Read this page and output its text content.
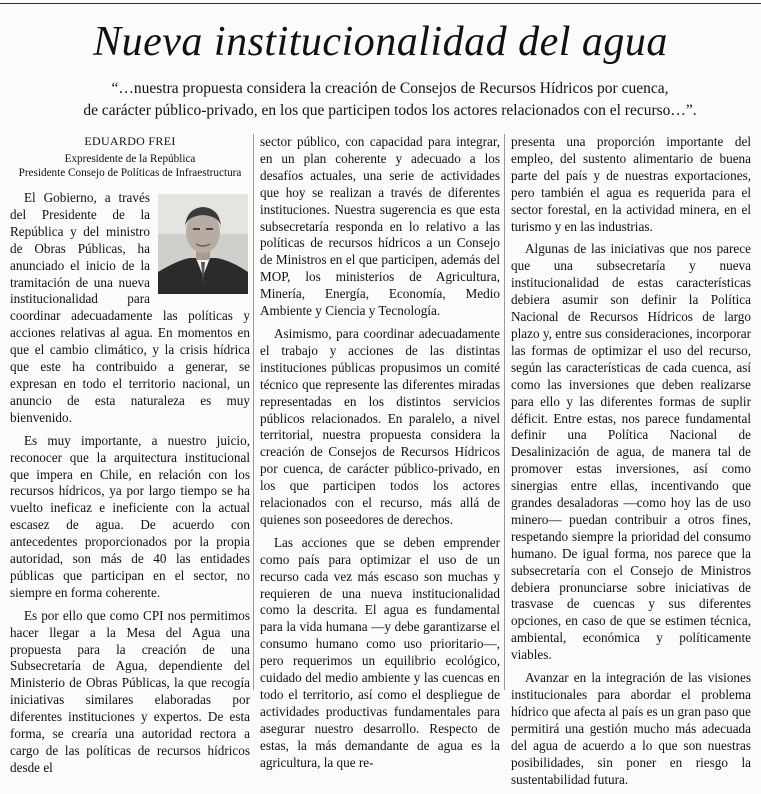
Nueva institucionalidad del agua
“…nuestra propuesta considera la creación de Consejos de Recursos Hídricos por cuenca,
de carácter público-privado, en los que participen todos los actores relacionados con el recurso…”.
EDUARDO FREI
Expresidente de la República
Presidente Consejo de Políticas de Infraestructura

El Gobierno, a través del Presidente de la República y del ministro de Obras Públicas, ha anunciado el inicio de la tramitación de una nueva institucionalidad para coordinar adecuadamente las políticas y acciones relativas al agua. En momentos en que el cambio climático, y la crisis hídrica que este ha contribuido a generar, se expresan en todo el territorio nacional, un anuncio de esta naturaleza es muy bienvenido.

Es muy importante, a nuestro juicio, reconocer que la arquitectura institucional que impera en Chile, en relación con los recursos hídricos, ya por largo tiempo se ha vuelto ineficaz e ineficiente con la actual escasez de agua. De acuerdo con antecedentes proporcionados por la propia autoridad, son más de 40 las entidades públicas que participan en el sector, no siempre en forma coherente.

Es por ello que como CPI nos permitimos hacer llegar a la Mesa del Agua una propuesta para la creación de una Subsecretaría de Agua, dependiente del Ministerio de Obras Públicas, la que recogía iniciativas similares elaboradas por diferentes instituciones y expertos. De esta forma, se crearía una autoridad rectora a cargo de las políticas de recursos hídricos desde el

sector público, con capacidad para integrar, en un plan coherente y adecuado a los desafíos actuales, una serie de actividades que hoy se realizan a través de diferentes instituciones. Nuestra sugerencia es que esta subsecretaría responda en lo relativo a las políticas de recursos hídricos a un Consejo de Ministros en el que participen, además del MOP, los ministerios de Agricultura, Minería, Energía, Economía, Medio Ambiente y Ciencia y Tecnología.

Asimismo, para coordinar adecuadamente el trabajo y acciones de las distintas instituciones públicas propusimos un comité técnico que represente las diferentes miradas representadas en los distintos servicios públicos relacionados. En paralelo, a nivel territorial, nuestra propuesta considera la creación de Consejos de Recursos Hídricos por cuenca, de carácter público-privado, en los que participen todos los actores relacionados con el recurso, más allá de quienes son poseedores de derechos.

Las acciones que se deben emprender como país para optimizar el uso de un recurso cada vez más escaso son muchas y requieren de una nueva institucionalidad como la descrita. El agua es fundamental para la vida humana —y debe garantizarse el consumo humano como uso prioritario—, pero requerimos un equilibrio ecológico, cuidado del medio ambiente y las cuencas en todo el territorio, así como el despliegue de actividades productivas fundamentales para asegurar nuestro desarrollo. Respecto de estas, la más demandante de agua es la agricultura, la que re-

presenta una proporción importante del empleo, del sustento alimentario de buena parte del país y de nuestras exportaciones, pero también el agua es requerida para el sector forestal, en la actividad minera, en el turismo y en las industrias.

Algunas de las iniciativas que nos parece que una subsecretaría y nueva institucionalidad de estas características debiera asumir son definir la Política Nacional de Recursos Hídricos de largo plazo y, entre sus consideraciones, incorporar las formas de optimizar el uso del recurso, según las características de cada cuenca, así como las inversiones que deben realizarse para ello y las diferentes formas de suplir déficit. Entre estas, nos parece fundamental definir una Política Nacional de Desalinización de agua, de manera tal de promover estas inversiones, así como sinergias entre ellas, incentivando que grandes desaladoras —como hoy las de uso minero— puedan contribuir a otros fines, respetando siempre la prioridad del consumo humano. De igual forma, nos parece que la subsecretaría con el Consejo de Ministros debiera pronunciarse sobre iniciativas de trasvase de cuencas y sus diferentes opciones, en caso de que se estimen técnica, ambiental, económica y políticamente viables.

Avanzar en la integración de las visiones institucionales para abordar el problema hídrico que afecta al país es un gran paso que permitirá una gestión mucho más adecuada del agua de acuerdo a lo que son nuestras posibilidades, sin poner en riesgo la sustentabilidad futura.
